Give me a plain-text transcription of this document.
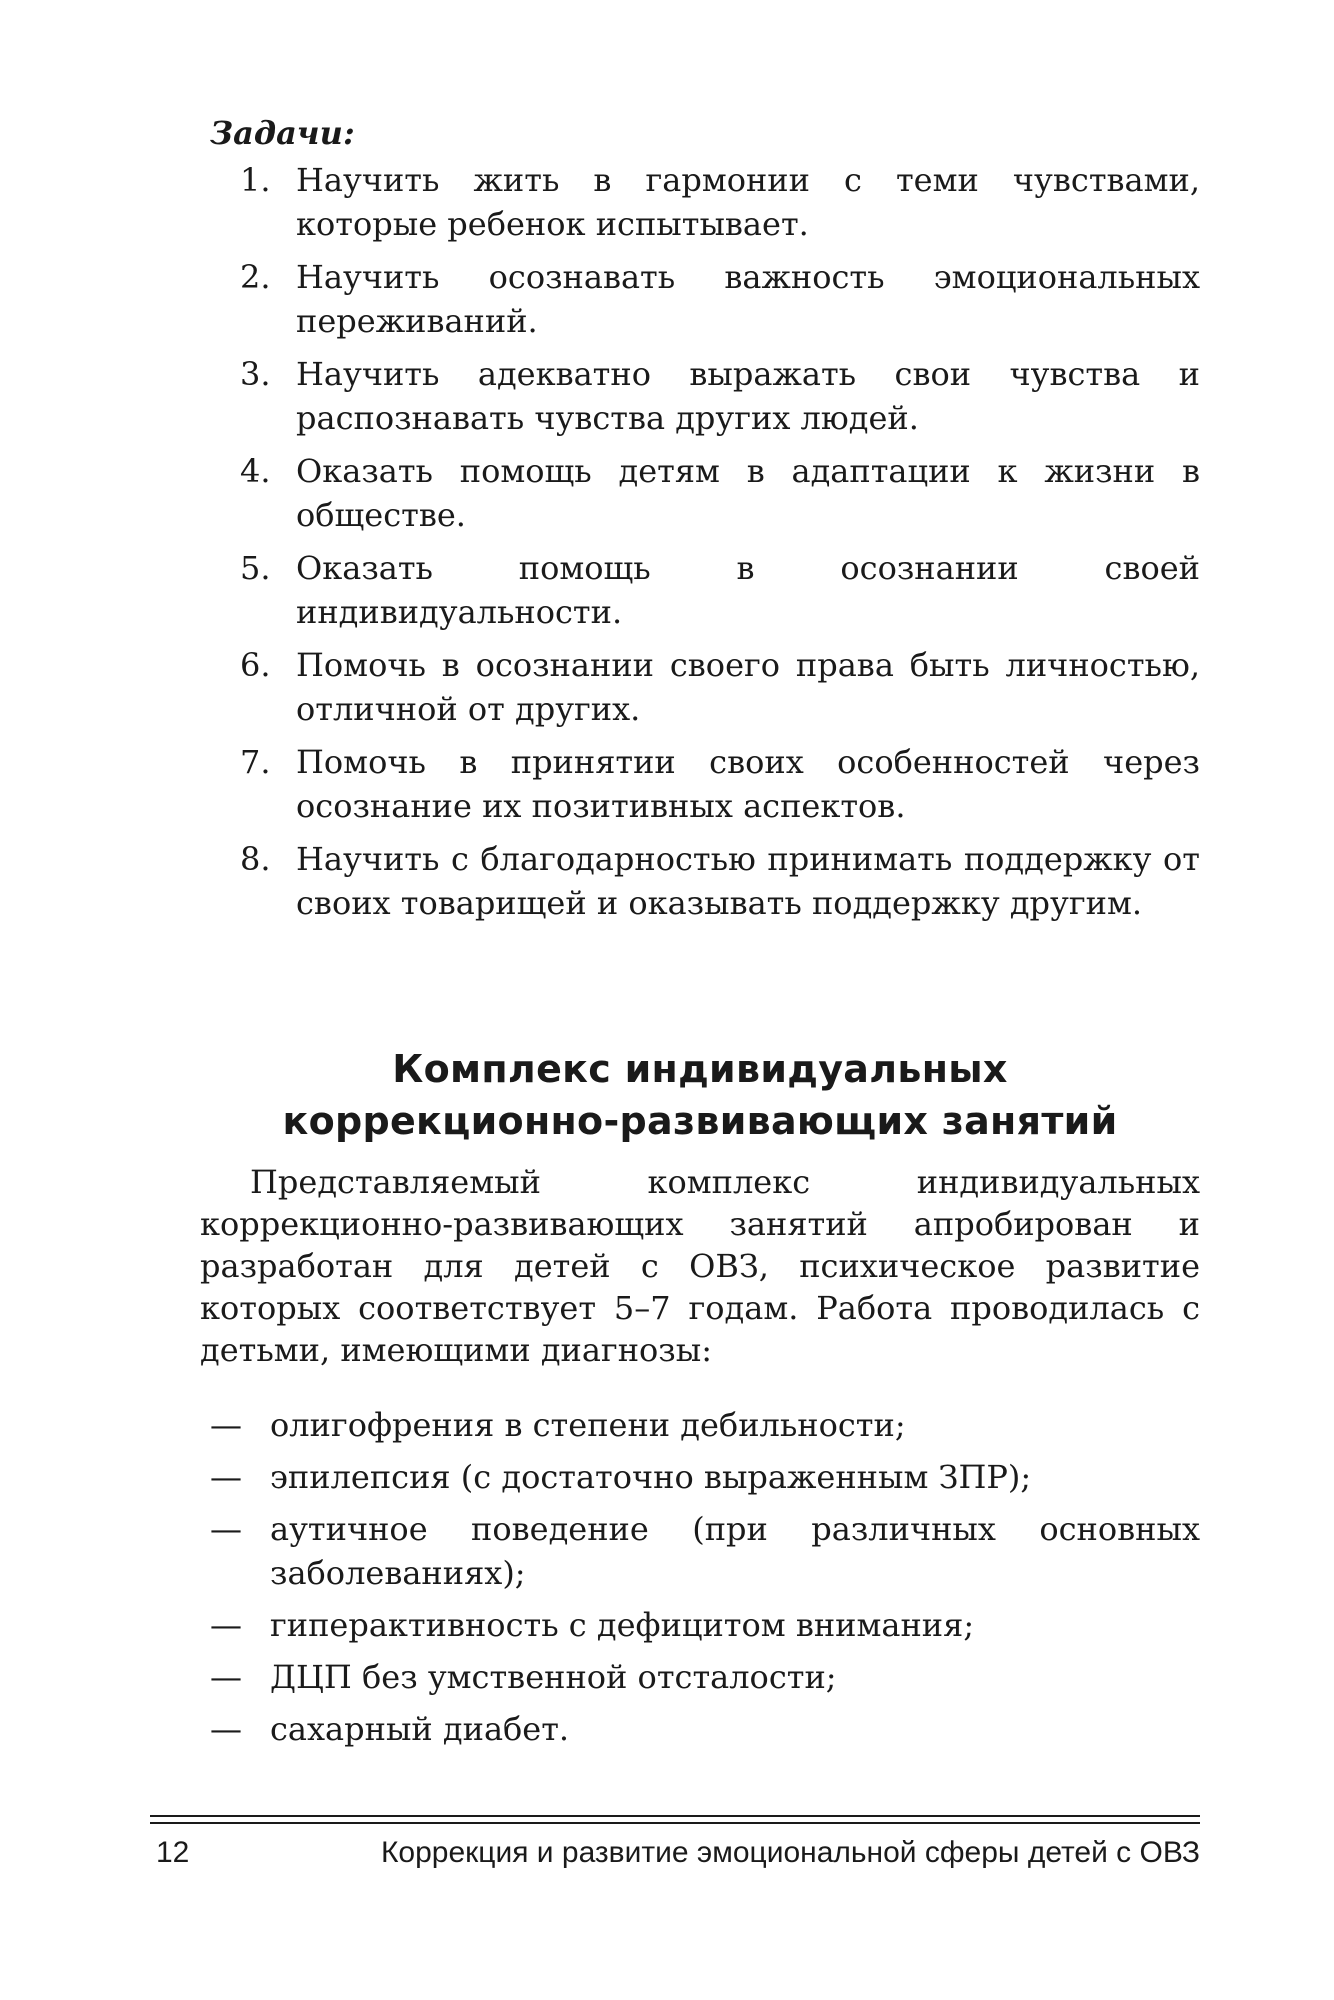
Задачи:
1. Научить жить в гармонии с теми чувствами, которые ребенок испытывает.
2. Научить осознавать важность эмоциональных переживаний.
3. Научить адекватно выражать свои чувства и распознавать чувства других людей.
4. Оказать помощь детям в адаптации к жизни в обществе.
5. Оказать помощь в осознании своей индивидуальности.
6. Помочь в осознании своего права быть личностью, отличной от других.
7. Помочь в принятии своих особенностей через осознание их позитивных аспектов.
8. Научить с благодарностью принимать поддержку от своих товарищей и оказывать поддержку другим.
Комплекс индивидуальных
коррекционно-развивающих занятий

Представляемый комплекс индивидуальных коррекционно-развивающих занятий апробирован и разработан для детей с ОВЗ, психическое развитие которых соответствует 5–7 годам. Работа проводилась с детьми, имеющими диагнозы:

— олигофрения в степени дебильности;
— эпилепсия (с достаточно выраженным ЗПР);
— аутичное поведение (при различных основных заболеваниях);
— гиперактивность с дефицитом внимания;
— ДЦП без умственной отсталости;
— сахарный диабет.
12	Коррекция и развитие эмоциональной сферы детей с ОВЗ
